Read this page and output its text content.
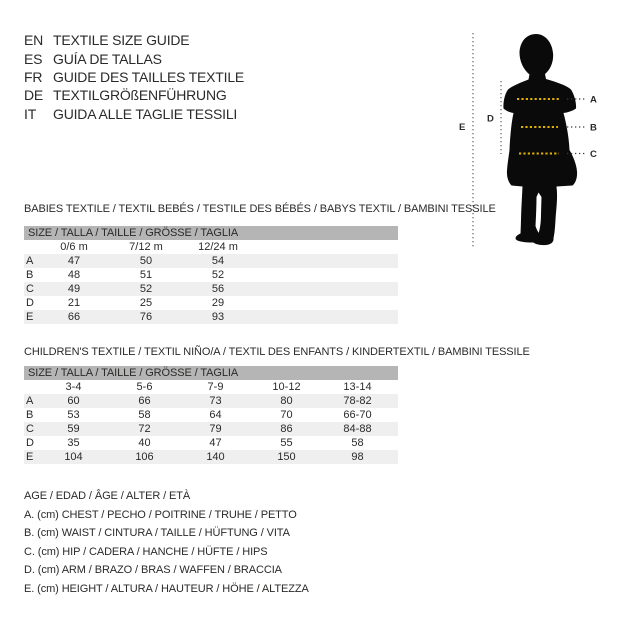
EN TEXTILE SIZE GUIDE
ES GUÍA DE TALLAS
FR GUIDE DES TAILLES TEXTILE
DE TEXTILGRÖßENFÜHRUNG
IT	GUIDA ALLE TAGLIE TESSILI
A
B
C
D
E
BABIES TEXTILE / TEXTIL BEBÉS / TESTILE DES BÉBÉS / BABYS TEXTIL / BAMBINI TESSILE
SIZE / TALLA / TAILLE / GRÖSSE / TAGLIA
0/6 m	7/12 m	12/24 m
A	47	50	54
B	48	51	52
C	49	52	56
D	21	25	29
E	66	76	93
CHILDREN'S TEXTILE / TEXTIL NIÑO/A / TEXTIL DES ENFANTS / KINDERTEXTIL / BAMBINI TESSILE
SIZE / TALLA / TAILLE / GRÖSSE / TAGLIA
3-4	5-6	7-9	10-12	13-14
A	60	66	73	80	78-82
B	53	58	64	70	66-70
C	59	72	79	86	84-88
D	35	40	47	55	58
E	104	106	140	150	98
AGE / EDAD / ÂGE / ALTER / ETÀ
A. (cm) CHEST / PECHO / POITRINE / TRUHE / PETTO
B. (cm) WAIST / CINTURA / TAILLE / HÜFTUNG / VITA
C. (cm) HIP / CADERA / HANCHE / HÜFTE / HIPS
D. (cm) ARM / BRAZO / BRAS / WAFFEN / BRACCIA
E. (cm) HEIGHT / ALTURA / HAUTEUR / HÖHE / ALTEZZA
